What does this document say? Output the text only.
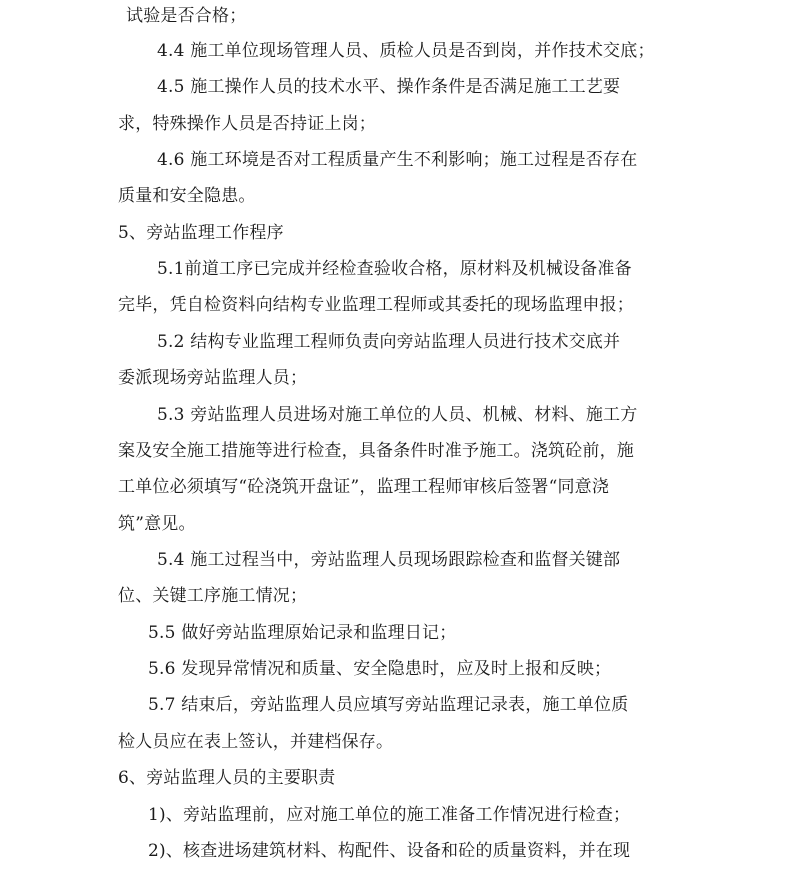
试验是否合格；
4.4 施工单位现场管理人员、质检人员是否到岗，并作技术交底；
4.5 施工操作人员的技术水平、操作条件是否满足施工工艺要
求，特殊操作人员是否持证上岗；
4.6 施工环境是否对工程质量产生不利影响；施工过程是否存在
质量和安全隐患。
5、旁站监理工作程序
5.1前道工序已完成并经检查验收合格，原材料及机械设备准备
完毕，凭自检资料向结构专业监理工程师或其委托的现场监理申报；
5.2 结构专业监理工程师负责向旁站监理人员进行技术交底并
委派现场旁站监理人员；
5.3 旁站监理人员进场对施工单位的人员、机械、材料、施工方
案及安全施工措施等进行检查，具备条件时准予施工。浇筑砼前，施
工单位必须填写“砼浇筑开盘证”，监理工程师审核后签署“同意浇
筑”意见。
5.4 施工过程当中，旁站监理人员现场跟踪检查和监督关键部
位、关键工序施工情况；
5.5 做好旁站监理原始记录和监理日记；
5.6 发现异常情况和质量、安全隐患时，应及时上报和反映；
5.7 结束后，旁站监理人员应填写旁站监理记录表，施工单位质
检人员应在表上签认，并建档保存。
6、旁站监理人员的主要职责
1)、旁站监理前，应对施工单位的施工准备工作情况进行检查；
2)、核查进场建筑材料、构配件、设备和砼的质量资料，并在现
